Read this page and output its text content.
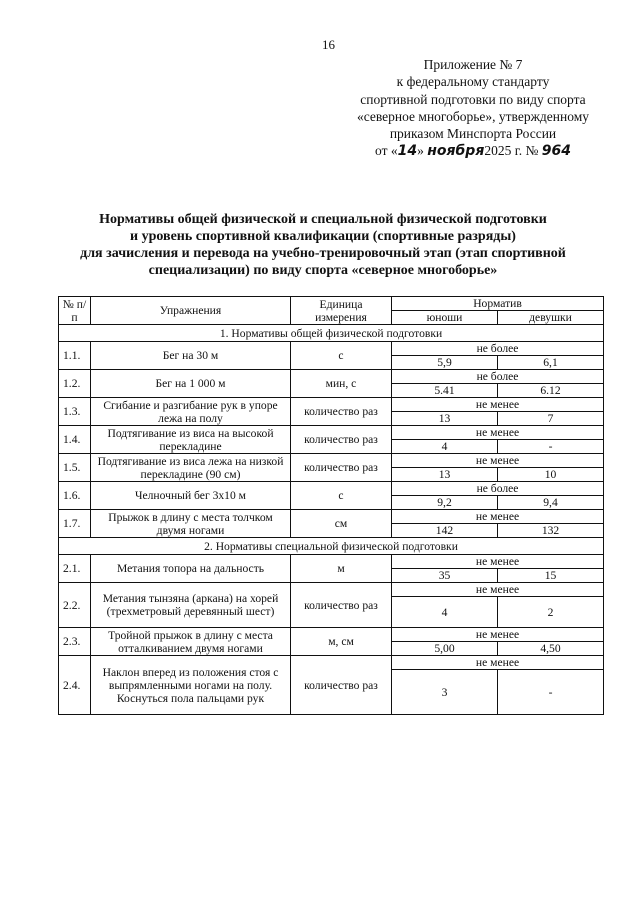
16
Приложение № 7
к федеральному стандарту
спортивной подготовки по виду спорта
«северное многоборье», утвержденному
приказом Минспорта России
от «14» ноября2025 г. № 964
Нормативы общей физической и специальной физической подготовки
и уровень спортивной квалификации (спортивные разряды)
для зачисления и перевода на учебно-тренировочный этап (этап спортивной
специализации) по виду спорта «северное многоборье»
№ п/п	Упражнения	Единица измерения	Норматив	
			юноши	девушки
1. Нормативы общей физической подготовки				
1.1.	Бег на 30 м	с	не более	
			5,9	6,1
1.2.	Бег на 1 000 м	мин, с	не более	
			5.41	6.12
1.3.	Сгибание и разгибание рук в упоре лежа на полу	количество раз	не менее	
			13	7
1.4.	Подтягивание из виса на высокой перекладине	количество раз	не менее	
			4	-
1.5.	Подтягивание из виса лежа на низкой перекладине (90 см)	количество раз	не менее	
			13	10
1.6.	Челночный бег 3х10 м	с	не более	
			9,2	9,4
1.7.	Прыжок в длину с места толчком двумя ногами	см	не менее	
			142	132
2. Нормативы специальной физической подготовки				
2.1.	Метания топора на дальность	м	не менее	
			35	15
2.2.	Метания тынзяна (аркана) на хорей (трехметровый деревянный шест)	количество раз	не менее	
			4	2
2.3.	Тройной прыжок в длину с места отталкиванием двумя ногами	м, см	не менее	
			5,00	4,50
2.4.	Наклон вперед из положения стоя с выпрямленными ногами на полу. Коснуться пола пальцами рук	количество раз	не менее	
			3	-
